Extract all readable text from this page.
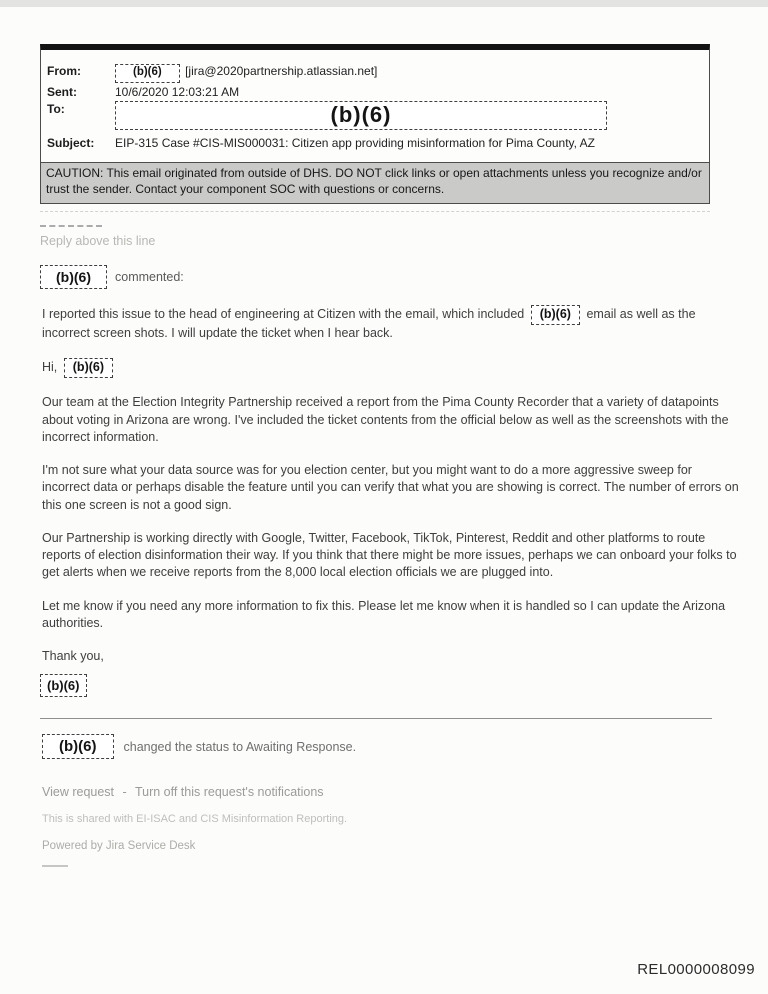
From:	(b)(6) [jira@2020partnership.atlassian.net]
Sent:	10/6/2020 12:03:21 AM
To:	(b)(6)
Subject:	EIP-315 Case #CIS-MIS000031: Citizen app providing misinformation for Pima County, AZ
CAUTION: This email originated from outside of DHS. DO NOT click links or open attachments unless you recognize and/or trust the sender. Contact your component SOC with questions or concerns.
Reply above this line
(b)(6)	commented:

I reported this issue to the head of engineering at Citizen with the email, which included (b)(6) email as well as the incorrect screen shots. I will update the ticket when I hear back.

Hi, (b)(6)

Our team at the Election Integrity Partnership received a report from the Pima County Recorder that a variety of datapoints about voting in Arizona are wrong. I've included the ticket contents from the official below as well as the screenshots with the incorrect information.

I'm not sure what your data source was for you election center, but you might want to do a more aggressive sweep for incorrect data or perhaps disable the feature until you can verify that what you are showing is correct. The number of errors on this one screen is not a good sign.

Our Partnership is working directly with Google, Twitter, Facebook, TikTok, Pinterest, Reddit and other platforms to route reports of election disinformation their way. If you think that there might be more issues, perhaps we can onboard your folks to get alerts when we receive reports from the 8,000 local election officials we are plugged into.

Let me know if you need any more information to fix this. Please let me know when it is handled so I can update the Arizona authorities.

Thank you,

(b)(6)
(b)(6)	changed the status to Awaiting Response.
View request - Turn off this request's notifications
This is shared with EI-ISAC and CIS Misinformation Reporting.
Powered by Jira Service Desk
REL0000008099
